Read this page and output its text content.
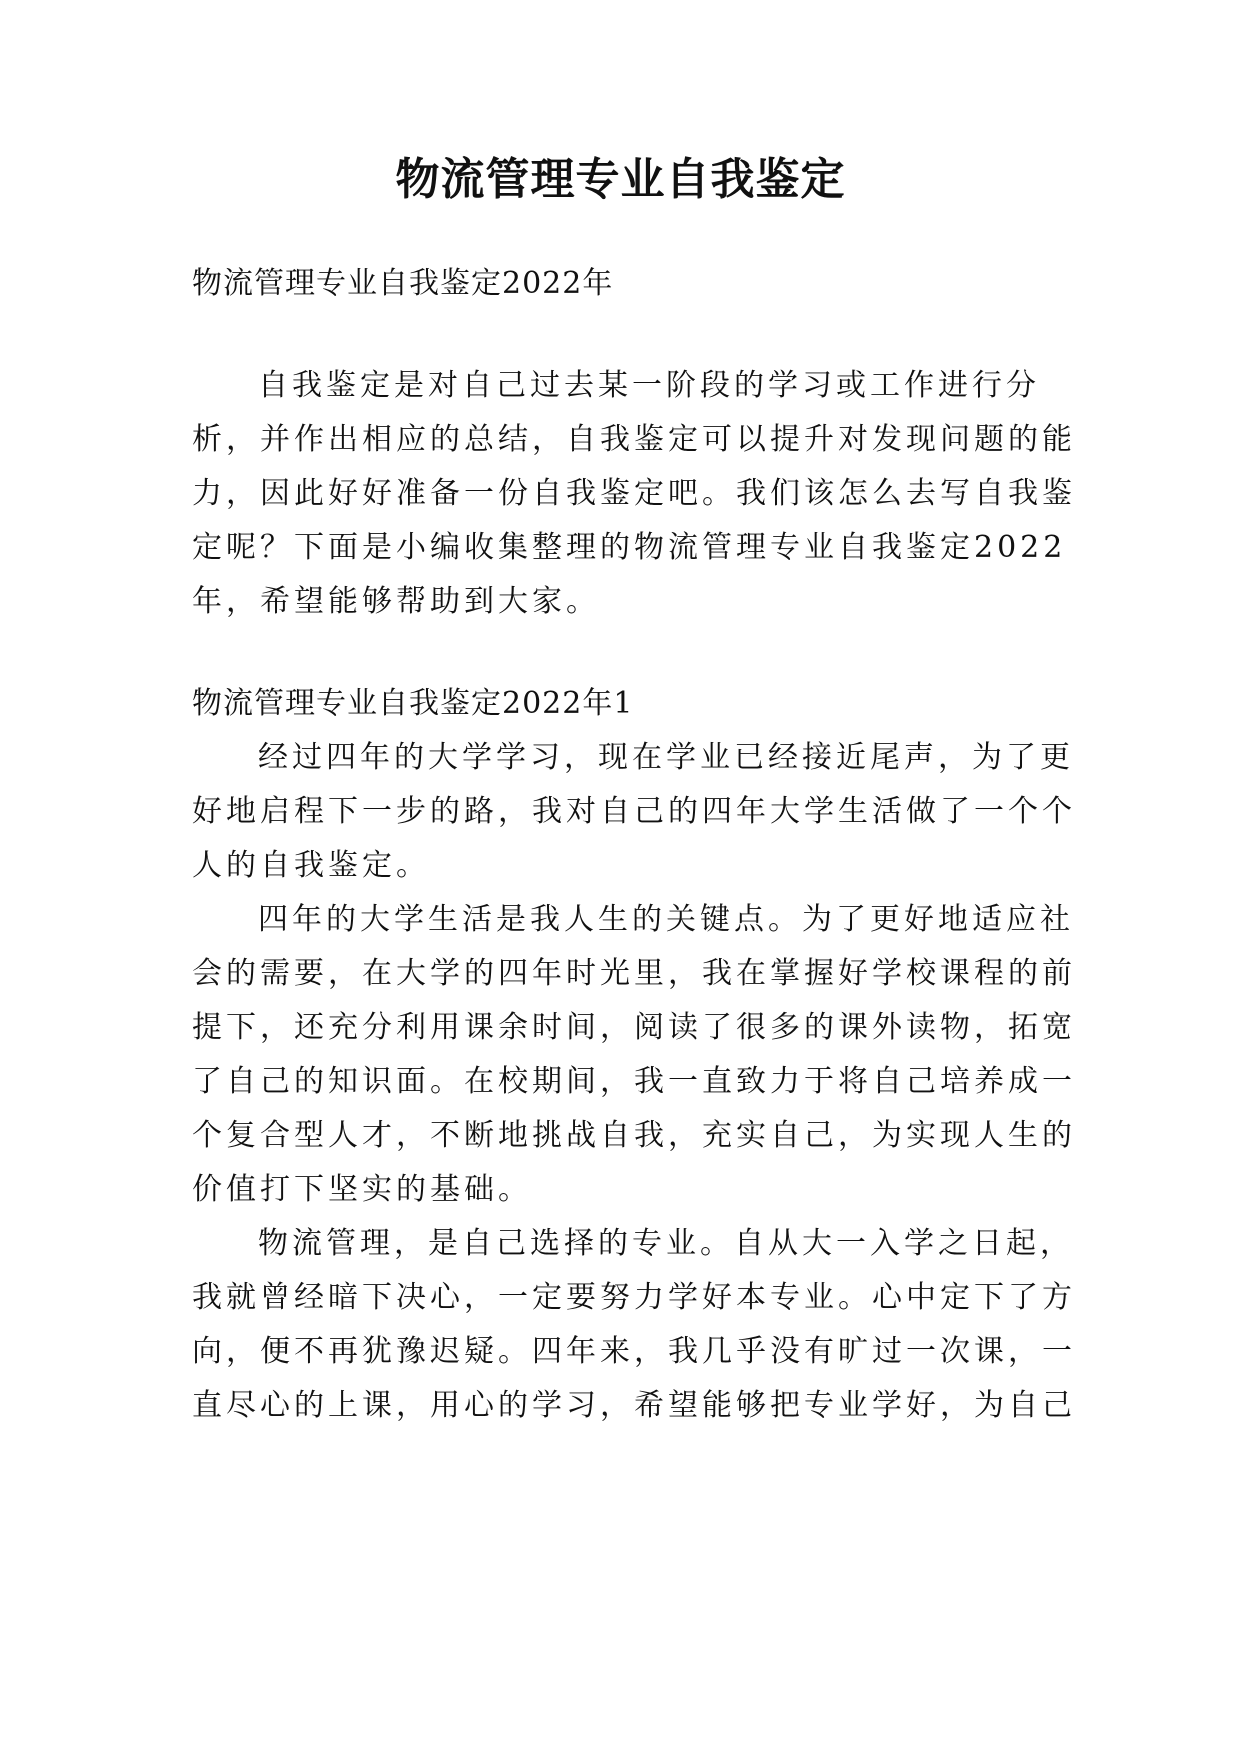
物流管理专业自我鉴定
物流管理专业自我鉴定2022年
自我鉴定是对自己过去某一阶段的学习或工作进行分
析，并作出相应的总结，自我鉴定可以提升对发现问题的能
力，因此好好准备一份自我鉴定吧。我们该怎么去写自我鉴
定呢？下面是小编收集整理的物流管理专业自我鉴定2022
年，希望能够帮助到大家。
物流管理专业自我鉴定2022年1
经过四年的大学学习，现在学业已经接近尾声，为了更
好地启程下一步的路，我对自己的四年大学生活做了一个个
人的自我鉴定。
四年的大学生活是我人生的关键点。为了更好地适应社
会的需要，在大学的四年时光里，我在掌握好学校课程的前
提下，还充分利用课余时间，阅读了很多的课外读物，拓宽
了自己的知识面。在校期间，我一直致力于将自己培养成一
个复合型人才，不断地挑战自我，充实自己，为实现人生的
价值打下坚实的基础。
物流管理，是自己选择的专业。自从大一入学之日起，
我就曾经暗下决心，一定要努力学好本专业。心中定下了方
向，便不再犹豫迟疑。四年来，我几乎没有旷过一次课，一
直尽心的上课，用心的学习，希望能够把专业学好，为自己
